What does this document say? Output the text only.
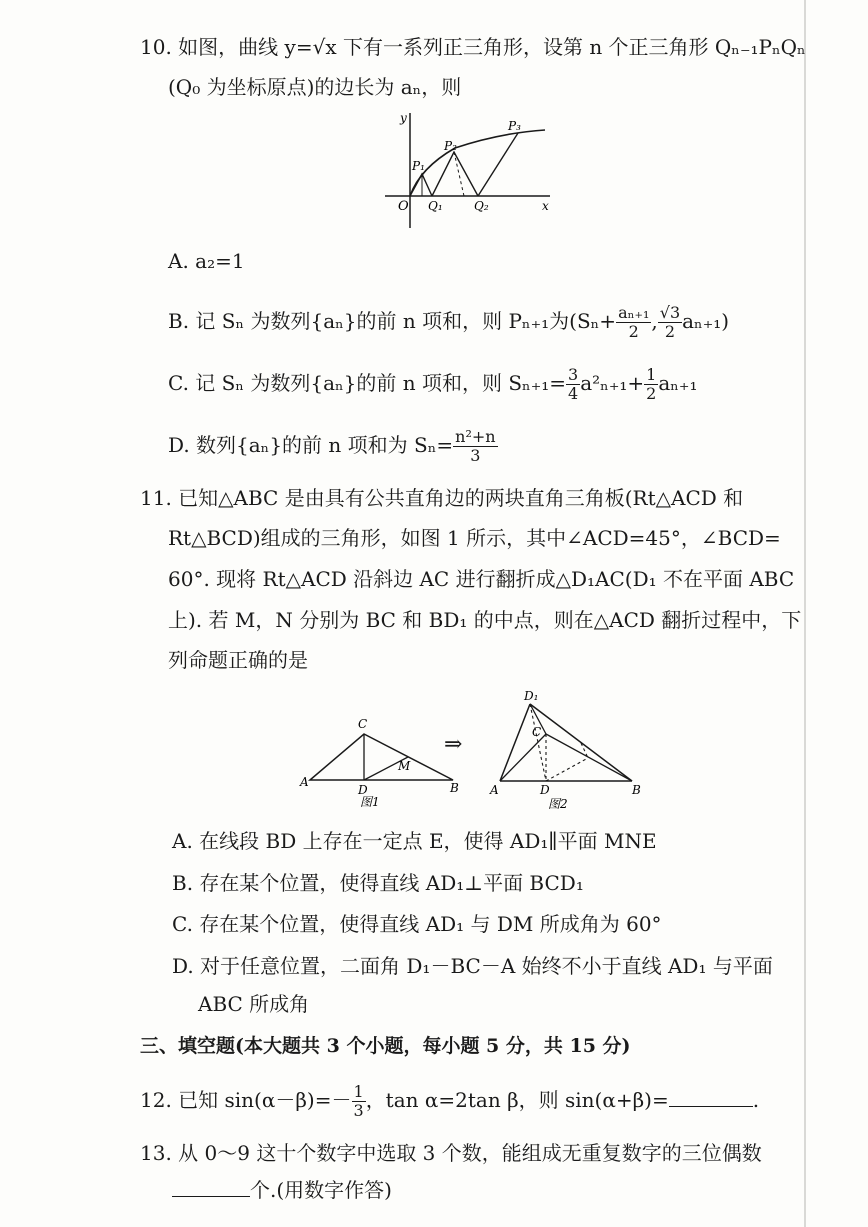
10. 如图，曲线 y=√x 下有一系列正三角形，设第 n 个正三角形 Qₙ₋₁PₙQₙ
(Q₀ 为坐标原点)的边长为 aₙ，则
y
x
O
P₁
P₂
P₃
Q₁	Q₂
A. a₂=1
B. 记 Sₙ 为数列{aₙ}的前 n 项和，则 Pₙ₊₁为($S_n+ \frac{\text{aₙ₊₁}}{2}$ , $\frac{√3}{2} a_{n+1}$)
C. 记 Sₙ 为数列{aₙ}的前 n 项和，则 $S_{n+1}= \frac{3}{4} a^2_{n+1}+ \frac{1}{2} a_{n+1}$
D. 数列{aₙ}的前 n 项和为 $S_n= \frac{\text{n²+n}}{3}$
11. 已知△ABC 是由具有公共直角边的两块直角三角板(Rt△ACD 和
Rt△BCD)组成的三角形，如图 1 所示，其中∠ACD=45°，∠BCD=
60°. 现将 Rt△ACD 沿斜边 AC 进行翻折成△D₁AC(D₁ 不在平面 ABC
上). 若 M，N 分别为 BC 和 BD₁ 的中点，则在△ACD 翻折过程中，下
列命题正确的是
A	B
C
D
M
图1
⇒
D₁
A	B
C
D
图2
A. 在线段 BD 上存在一定点 E，使得 AD₁∥平面 MNE
B. 存在某个位置，使得直线 AD₁⊥平面 BCD₁
C. 存在某个位置，使得直线 AD₁ 与 DM 所成角为 60°
D. 对于任意位置，二面角 D₁－BC－A 始终不小于直线 AD₁ 与平面
ABC 所成角
三、填空题(本大题共 3 个小题，每小题 5 分，共 15 分)
12. 已知 $\sin(\alpha-\beta)=- \frac{1}{3}$ ，tan α=2tan β，则 sin(α+β)=	.
13. 从 0～9 这十个数字中选取 3 个数，能组成无重复数字的三位偶数
个.(用数字作答)
